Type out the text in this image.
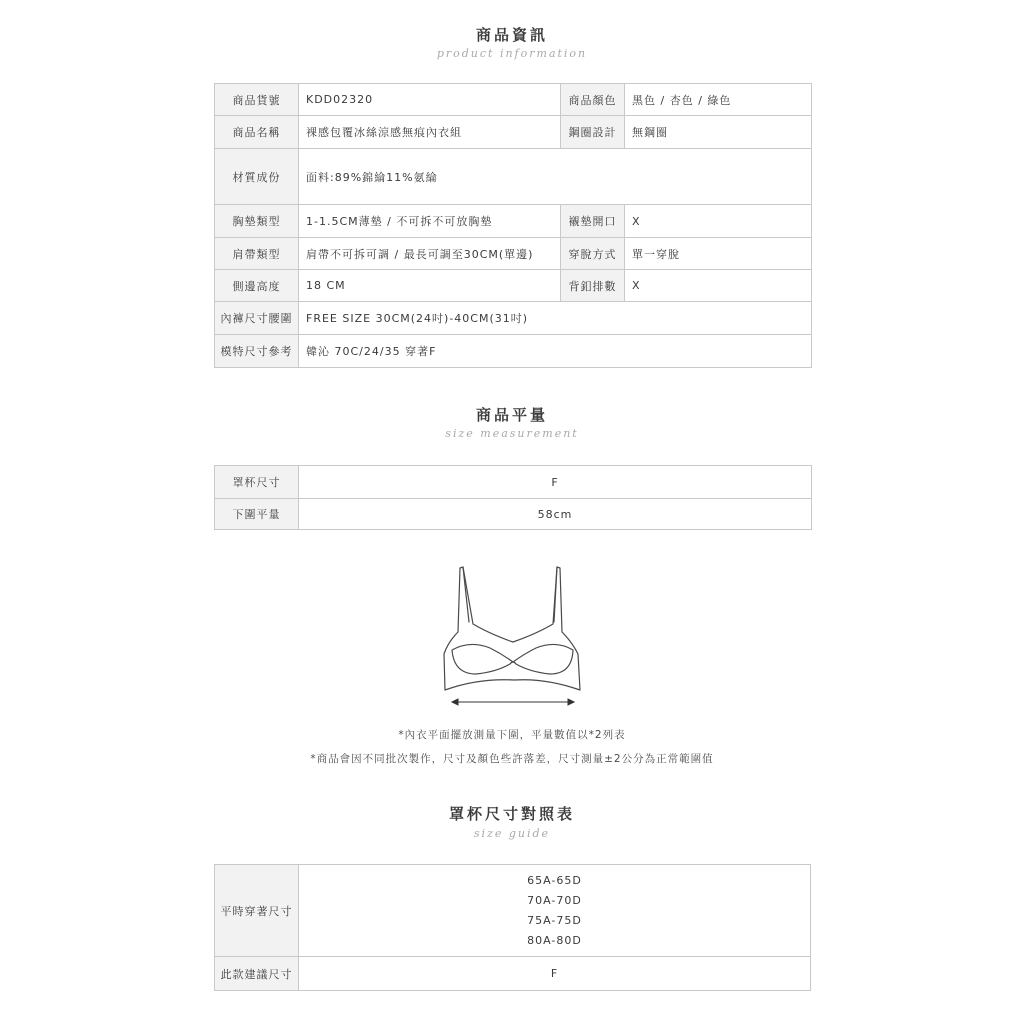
商品資訊
product information
商品貨號	KDD02320	商品顏色	黑色 / 杏色 / 綠色
商品名稱	裸感包覆冰絲涼感無痕內衣組	鋼圈設計	無鋼圈
材質成份	面料:89%錦綸11%氨綸		
胸墊類型	1-1.5CM薄墊 / 不可拆不可放胸墊	襯墊開口	X
肩帶類型	肩帶不可拆可調 / 最長可調至30CM(單邊)	穿脫方式	單一穿脫
側邊高度	18 CM	背釦排數	X
內褲尺寸腰圍	FREE SIZE 30CM(24吋)-40CM(31吋)		
模特尺寸參考	韓沁 70C/24/35 穿著F		
商品平量
size measurement
罩杯尺寸	F
下圍平量	58cm
*內衣平面擺放測量下圍，平量數值以*2列表
*商品會因不同批次製作，尺寸及顏色些許落差，尺寸測量±2公分為正常範圍值
罩杯尺寸對照表
size guide
平時穿著尺寸	65A-65D
70A-70D
75A-75D
80A-80D

此款建議尺寸	F
